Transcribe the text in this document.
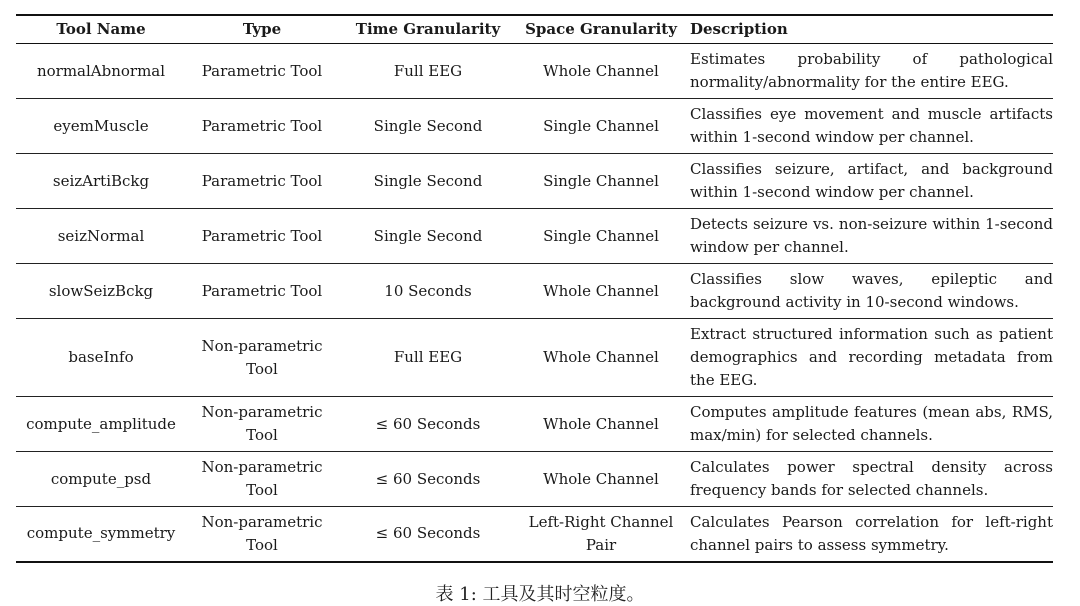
Tool Name	Type	Time Granularity	Space Granularity	Description
normalAbnormal	Parametric Tool	Full EEG	Whole Channel	Estimates probability of pathological normality/abnormality for the entire EEG.
eyemMuscle	Parametric Tool	Single Second	Single Channel	Classifies eye movement and muscle artifacts within 1-second window per channel.
seizArtiBckg	Parametric Tool	Single Second	Single Channel	Classifies seizure, artifact, and background within 1-second window per channel.
seizNormal	Parametric Tool	Single Second	Single Channel	Detects seizure vs. non-seizure within 1-second window per channel.
slowSeizBckg	Parametric Tool	10 Seconds	Whole Channel	Classifies slow waves, epileptic and background activity in 10-second windows.
baseInfo	Non-parametric Tool	Full EEG	Whole Channel	Extract structured information such as patient demographics and recording metadata from the EEG.
compute_amplitude	Non-parametric Tool	≤ 60 Seconds	Whole Channel	Computes amplitude features (mean abs, RMS, max/min) for selected channels.
compute_psd	Non-parametric Tool	≤ 60 Seconds	Whole Channel	Calculates power spectral density across frequency bands for selected channels.
compute_symmetry	Non-parametric Tool	≤ 60 Seconds	Left-Right Channel Pair	Calculates Pearson correlation for left-right channel pairs to assess symmetry.
表 1: 工具及其时空粒度。
